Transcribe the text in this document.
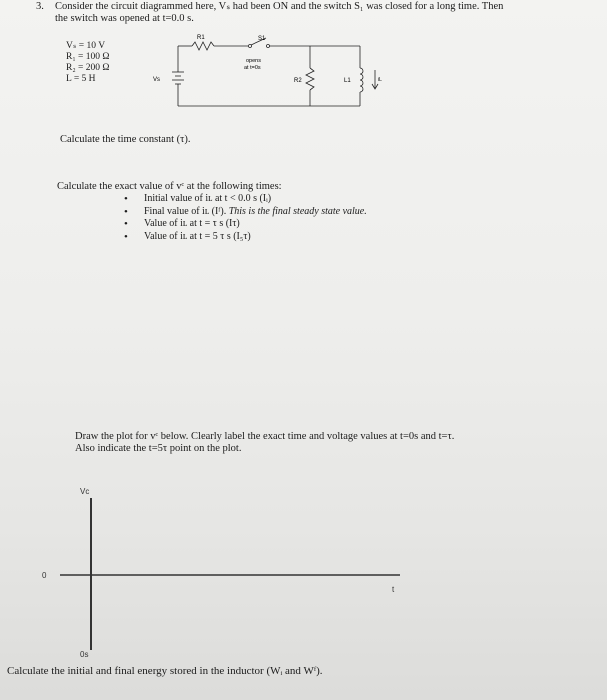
3. Consider the circuit diagrammed here, Vₛ had been ON and the switch S₁ was closed for a long time. Then
the switch was opened at t=0.0 s.
Vₛ = 10 V
R₁ = 100 Ω
R₂ = 200 Ω
L = 5 H
R1	S1
opens
at t=0s
Vs	R2	L1	iL
Calculate the time constant (τ).
Calculate the exact value of vᶜ at the following times:
• Initial value of iʟ at t < 0.0 s (Iᵢ)
• Final value of iʟ (Iᶠ). This is the final steady state value.
• Value of iʟ at t = τ s (Iτ)
• Value of iʟ at t = 5 τ s (I₅τ)
Draw the plot for vᶜ below. Clearly label the exact time and voltage values at t=0s and t=τ.
Also indicate the t=5τ point on the plot.
Vc
0
t
0s
Calculate the initial and final energy stored in the inductor (Wᵢ and Wᶠ).
